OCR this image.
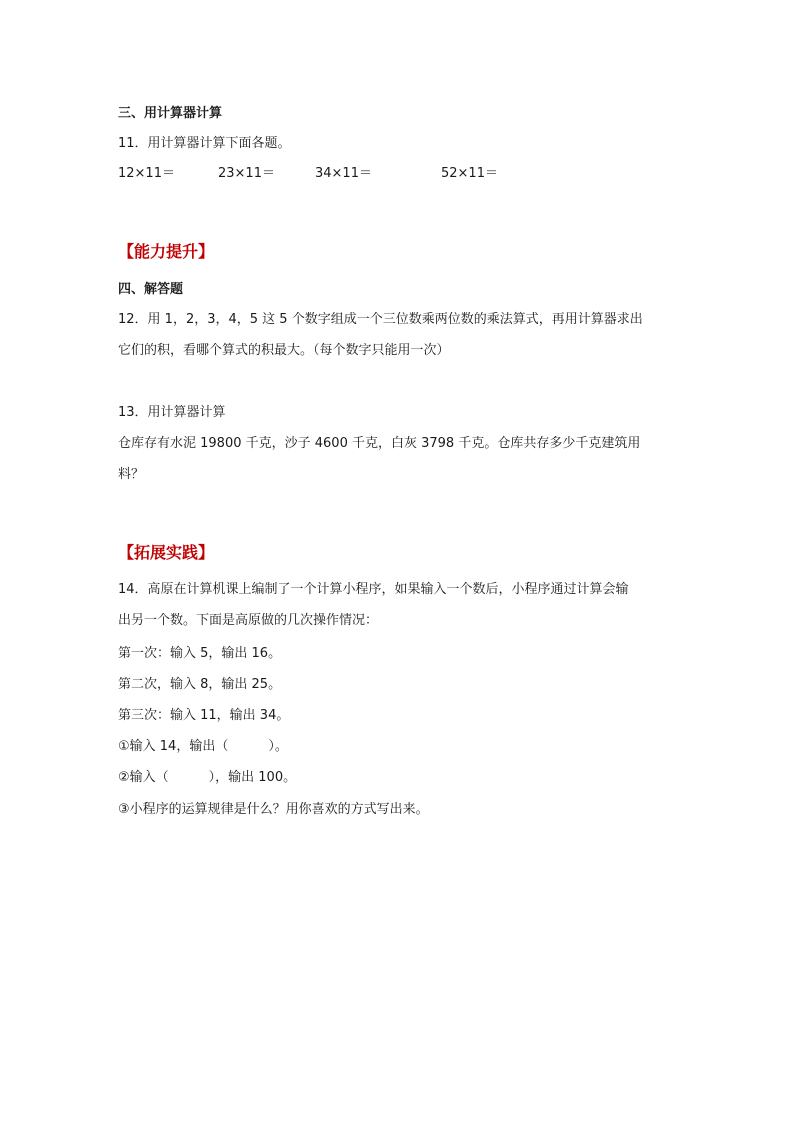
三、用计算器计算
11．用计算器计算下面各题。
12×11＝	23×11＝	34×11＝	52×11＝
【能力提升】
四、解答题
12．用 1，2，3，4，5 这 5 个数字组成一个三位数乘两位数的乘法算式，再用计算器求出
它们的积，看哪个算式的积最大。（每个数字只能用一次）
13．用计算器计算
仓库存有水泥 19800 千克，沙子 4600 千克，白灰 3798 千克。仓库共存多少千克建筑用
料？
【拓展实践】
14．高原在计算机课上编制了一个计算小程序，如果输入一个数后，小程序通过计算会输
出另一个数。下面是高原做的几次操作情况：
第一次：输入 5，输出 16。
第二次，输入 8，输出 25。
第三次：输入 11，输出 34。
①输入 14，输出（	）。
②输入（	），输出 100。
③小程序的运算规律是什么？用你喜欢的方式写出来。
